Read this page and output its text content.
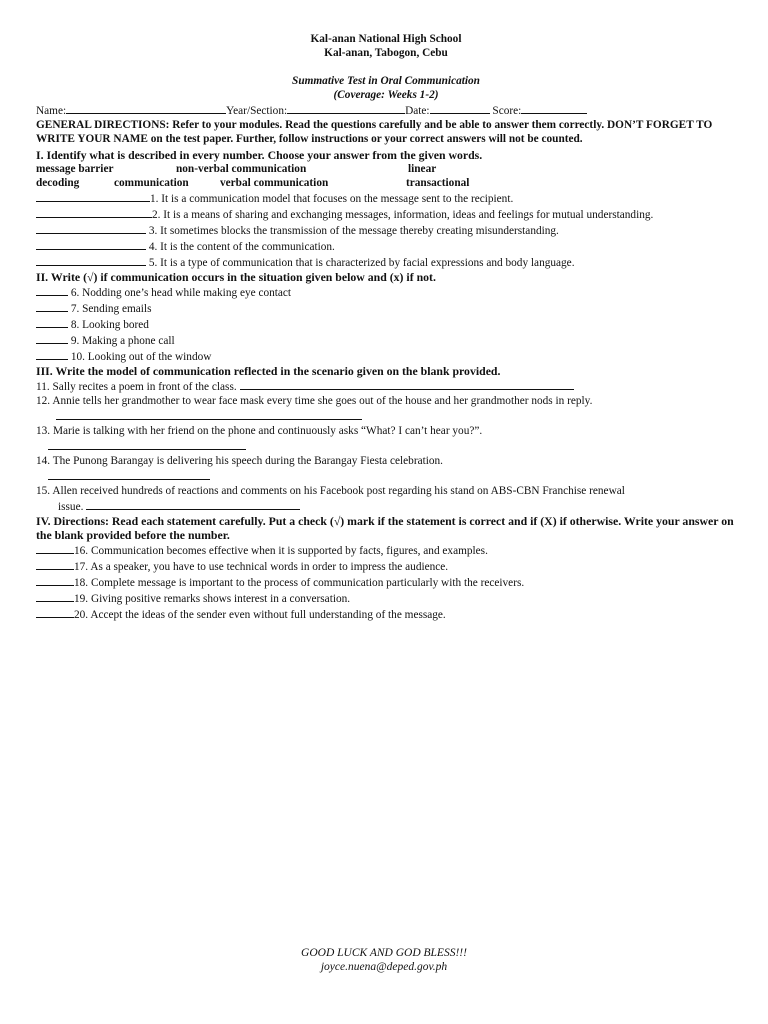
Kal-anan National High School
Kal-anan, Tabogon, Cebu
Summative Test in Oral Communication
(Coverage: Weeks 1-2)
Name:	Year/Section:	Date:	Score:
GENERAL DIRECTIONS: Refer to your modules. Read the questions carefully and be able to answer them correctly. DON’T FORGET TO WRITE YOUR NAME on the test paper. Further, follow instructions or your correct answers will not be counted.
I. Identify what is described in every number. Choose your answer from the given words.
message barrier	non-verbal communication	linear
decoding	communication	verbal communication	transactional
1. It is a communication model that focuses on the message sent to the recipient.
2. It is a means of sharing and exchanging messages, information, ideas and feelings for mutual understanding.
3. It sometimes blocks the transmission of the message thereby creating misunderstanding.
4. It is the content of the communication.
5. It is a type of communication that is characterized by facial expressions and body language.
II. Write (√) if communication occurs in the situation given below and (x) if not.
6. Nodding one’s head while making eye contact
7. Sending emails
8. Looking bored
9. Making a phone call
10. Looking out of the window
III. Write the model of communication reflected in the scenario given on the blank provided.
11. Sally recites a poem in front of the class.
12. Annie tells her grandmother to wear face mask every time she goes out of the house and her grandmother nods in reply.
13. Marie is talking with her friend on the phone and continuously asks “What? I can’t hear you?”.
14. The Punong Barangay is delivering his speech during the Barangay Fiesta celebration.
15. Allen received hundreds of reactions and comments on his Facebook post regarding his stand on ABS-CBN Franchise renewal
issue.
IV. Directions: Read each statement carefully. Put a check (√) mark if the statement is correct and if (X) if otherwise. Write your answer on the blank provided before the number.
16. Communication becomes effective when it is supported by facts, figures, and examples.
17. As a speaker, you have to use technical words in order to impress the audience.
18. Complete message is important to the process of communication particularly with the receivers.
19. Giving positive remarks shows interest in a conversation.
20. Accept the ideas of the sender even without full understanding of the message.
GOOD LUCK AND GOD BLESS!!!
joyce.nuena@deped.gov.ph
